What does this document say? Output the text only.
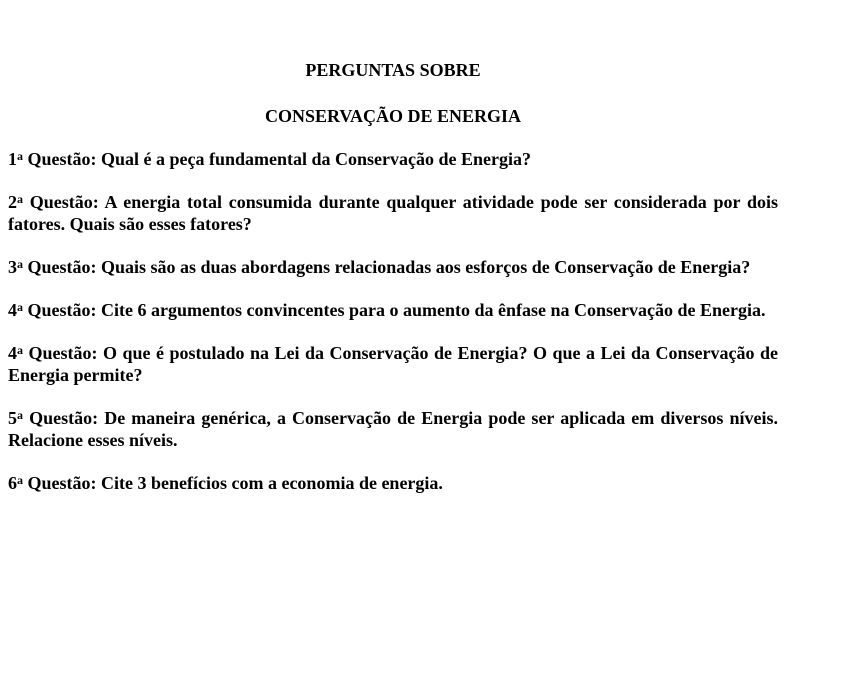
PERGUNTAS SOBRE

CONSERVAÇÃO DE ENERGIA

1$^a$ Questão: Qual é a peça fundamental da Conservação de Energia?

2$^a$ Questão: A energia total consumida durante qualquer atividade pode ser considerada por dois fatores. Quais são esses fatores?

3$^a$ Questão: Quais são as duas abordagens relacionadas aos esforços de Conservação de Energia?

4$^a$ Questão: Cite 6 argumentos convincentes para o aumento da ênfase na Conservação de Energia.

4$^a$ Questão: O que é postulado na Lei da Conservação de Energia? O que a Lei da Conservação de Energia permite?

5$^a$ Questão: De maneira genérica, a Conservação de Energia pode ser aplicada em diversos níveis. Relacione esses níveis.

6$^a$ Questão: Cite 3 benefícios com a economia de energia.
